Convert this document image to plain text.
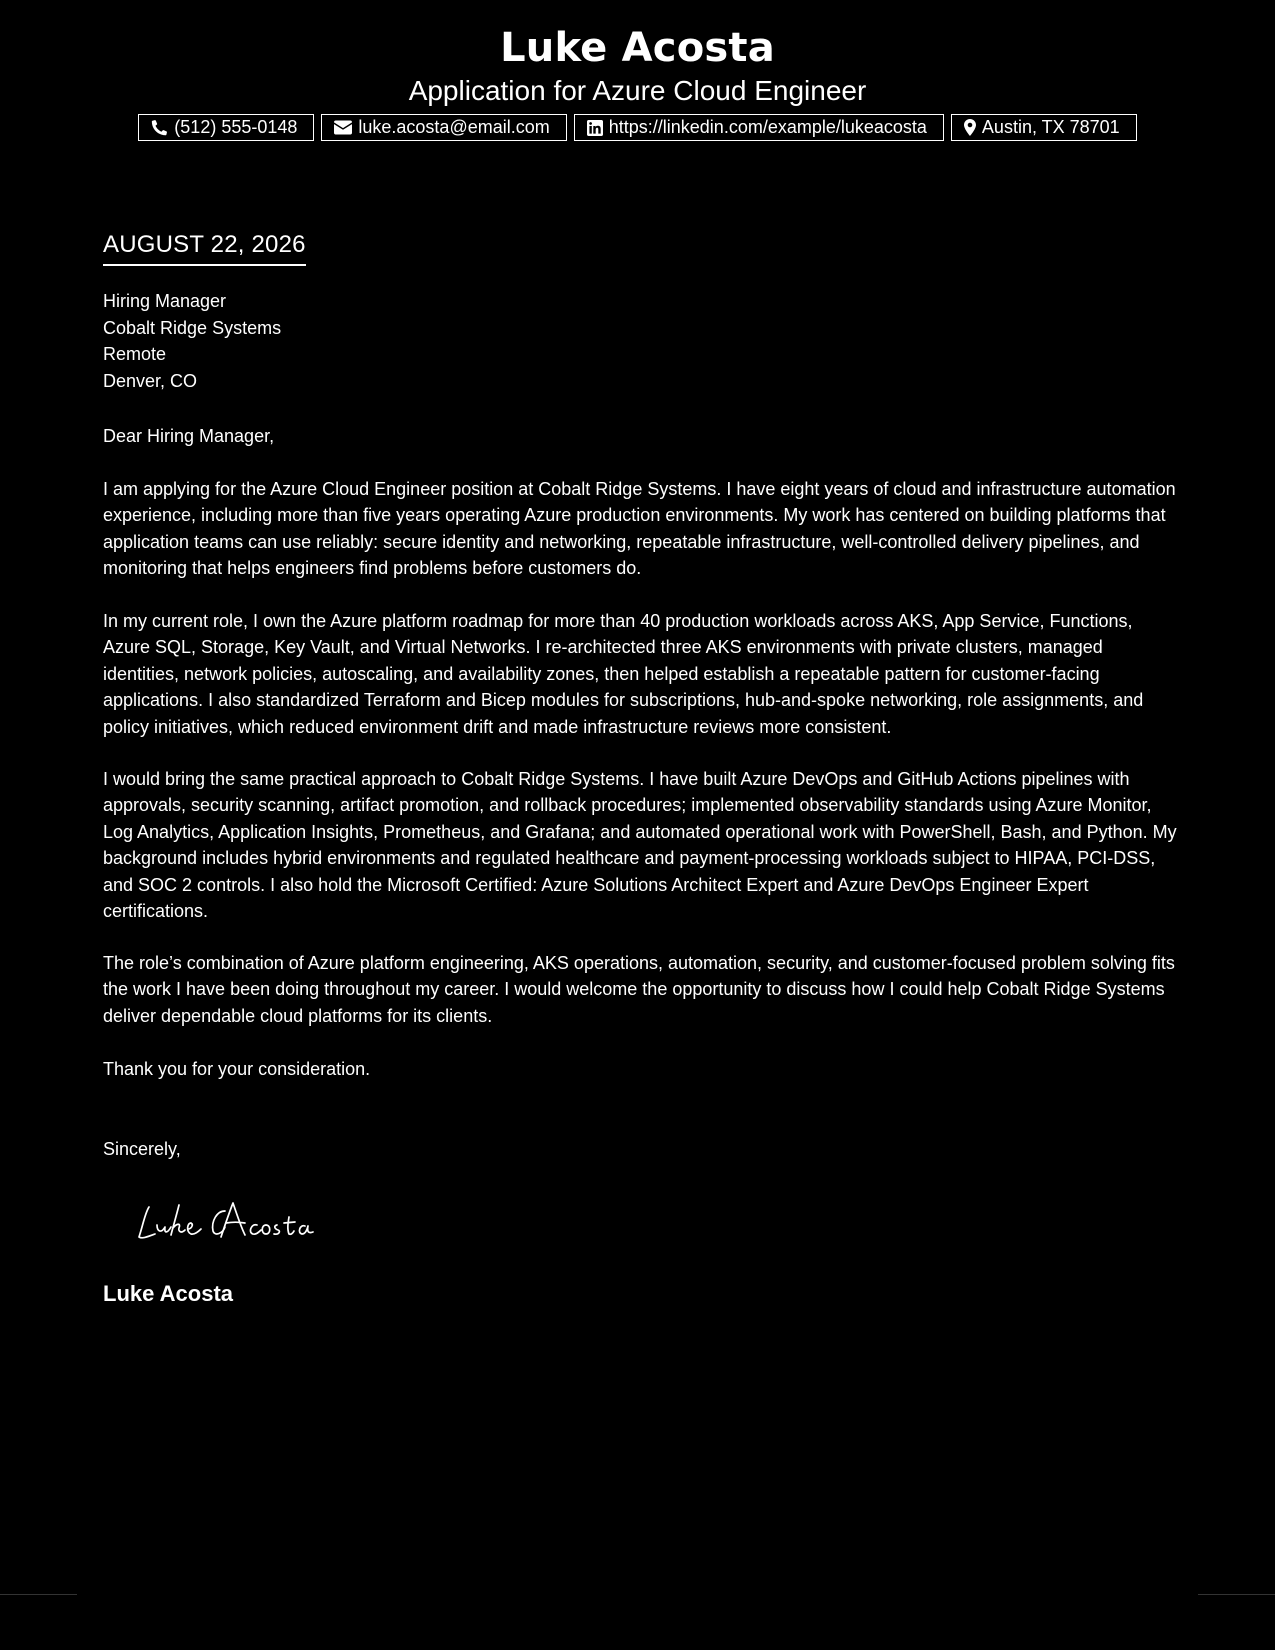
Luke Acosta
Application for Azure Cloud Engineer
(512) 555-0148	luke.acosta@email.com	https://linkedin.com/example/lukeacosta	Austin, TX 78701
AUGUST 22, 2026
Hiring Manager
Cobalt Ridge Systems
Remote
Denver, CO

Dear Hiring Manager,

I am applying for the Azure Cloud Engineer position at Cobalt Ridge Systems. I have eight years of cloud and infrastructure automation experience, including more than five years operating Azure production environments. My work has centered on building platforms that application teams can use reliably: secure identity and networking, repeatable infrastructure, well-controlled delivery pipelines, and monitoring that helps engineers find problems before customers do.

In my current role, I own the Azure platform roadmap for more than 40 production workloads across AKS, App Service, Functions, Azure SQL, Storage, Key Vault, and Virtual Networks. I re-architected three AKS environments with private clusters, managed identities, network policies, autoscaling, and availability zones, then helped establish a repeatable pattern for customer-facing applications. I also standardized Terraform and Bicep modules for subscriptions, hub-and-spoke networking, role assignments, and policy initiatives, which reduced environment drift and made infrastructure reviews more consistent.

I would bring the same practical approach to Cobalt Ridge Systems. I have built Azure DevOps and GitHub Actions pipelines with approvals, security scanning, artifact promotion, and rollback procedures; implemented observability standards using Azure Monitor, Log Analytics, Application Insights, Prometheus, and Grafana; and automated operational work with PowerShell, Bash, and Python. My background includes hybrid environments and regulated healthcare and payment-processing workloads subject to HIPAA, PCI-DSS, and SOC 2 controls. I also hold the Microsoft Certified: Azure Solutions Architect Expert and Azure DevOps Engineer Expert certifications.

The role’s combination of Azure platform engineering, AKS operations, automation, security, and customer-focused problem solving fits the work I have been doing throughout my career. I would welcome the opportunity to discuss how I could help Cobalt Ridge Systems deliver dependable cloud platforms for its clients.

Thank you for your consideration.

Sincerely,

Luke Acosta
